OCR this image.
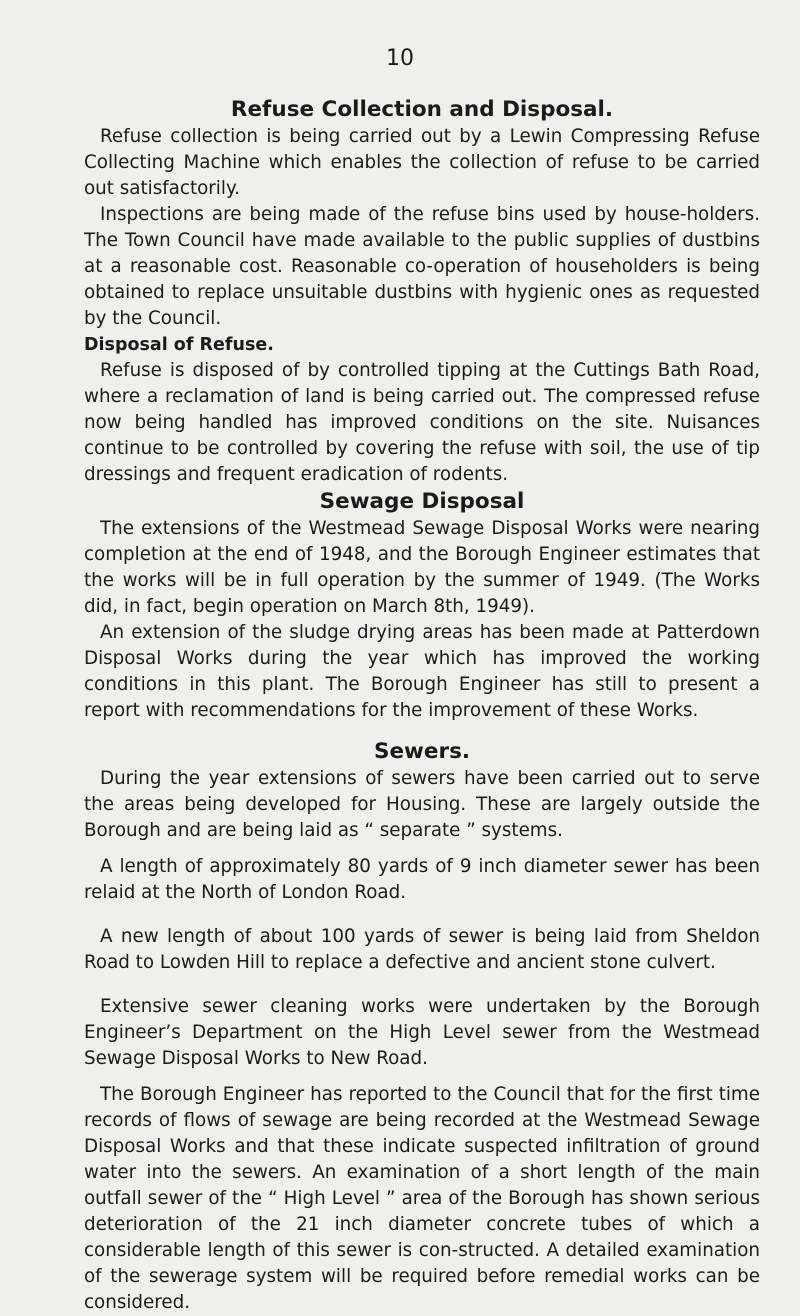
10
Refuse Collection and Disposal.

Refuse collection is being carried out by a Lewin Compressing Refuse Collecting Machine which enables the collection of refuse to be carried out satisfactorily.

Inspections are being made of the refuse bins used by house-holders. The Town Council have made available to the public supplies of dustbins at a reasonable cost. Reasonable co-operation of householders is being obtained to replace unsuitable dustbins with hygienic ones as requested by the Council.

Disposal of Refuse.

Refuse is disposed of by controlled tipping at the Cuttings Bath Road, where a reclamation of land is being carried out. The compressed refuse now being handled has improved conditions on the site. Nuisances continue to be controlled by covering the refuse with soil, the use of tip dressings and frequent eradication of rodents.

Sewage Disposal

The extensions of the Westmead Sewage Disposal Works were nearing completion at the end of 1948, and the Borough Engineer estimates that the works will be in full operation by the summer of 1949. (The Works did, in fact, begin operation on March 8th, 1949).

An extension of the sludge drying areas has been made at Patterdown Disposal Works during the year which has improved the working conditions in this plant. The Borough Engineer has still to present a report with recommendations for the improvement of these Works.

Sewers.

During the year extensions of sewers have been carried out to serve the areas being developed for Housing. These are largely outside the Borough and are being laid as “ separate ” systems.

A length of approximately 80 yards of 9 inch diameter sewer has been relaid at the North of London Road.

A new length of about 100 yards of sewer is being laid from Sheldon Road to Lowden Hill to replace a defective and ancient stone culvert.

Extensive sewer cleaning works were undertaken by the Borough Engineer’s Department on the High Level sewer from the Westmead Sewage Disposal Works to New Road.

The Borough Engineer has reported to the Council that for the first time records of flows of sewage are being recorded at the Westmead Sewage Disposal Works and that these indicate suspected infiltration of ground water into the sewers. An examination of a short length of the main outfall sewer of the “ High Level ” area of the Borough has shown serious deterioration of the 21 inch diameter concrete tubes of which a considerable length of this sewer is con-structed. A detailed examination of the sewerage system will be required before remedial works can be considered.
